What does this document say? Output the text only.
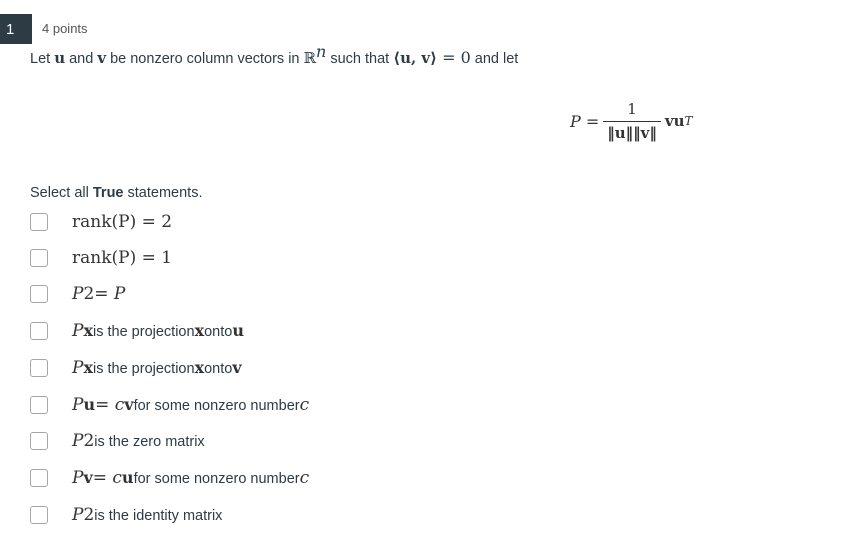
1	4 points
Let u and v be nonzero column vectors in ℝ$^n$ such that ⟨u, v⟩ = 0 and let
$P = \frac{1}{‖u‖‖v‖}$ vu T
Select all True statements.
rank(P) = 2
rank(P) = 1
P 2 = P
P x is the projection x onto u
P x is the projection x onto v
P u = c v for some nonzero number c
P 2 is the zero matrix
P v = c u for some nonzero number c
P 2 is the identity matrix
